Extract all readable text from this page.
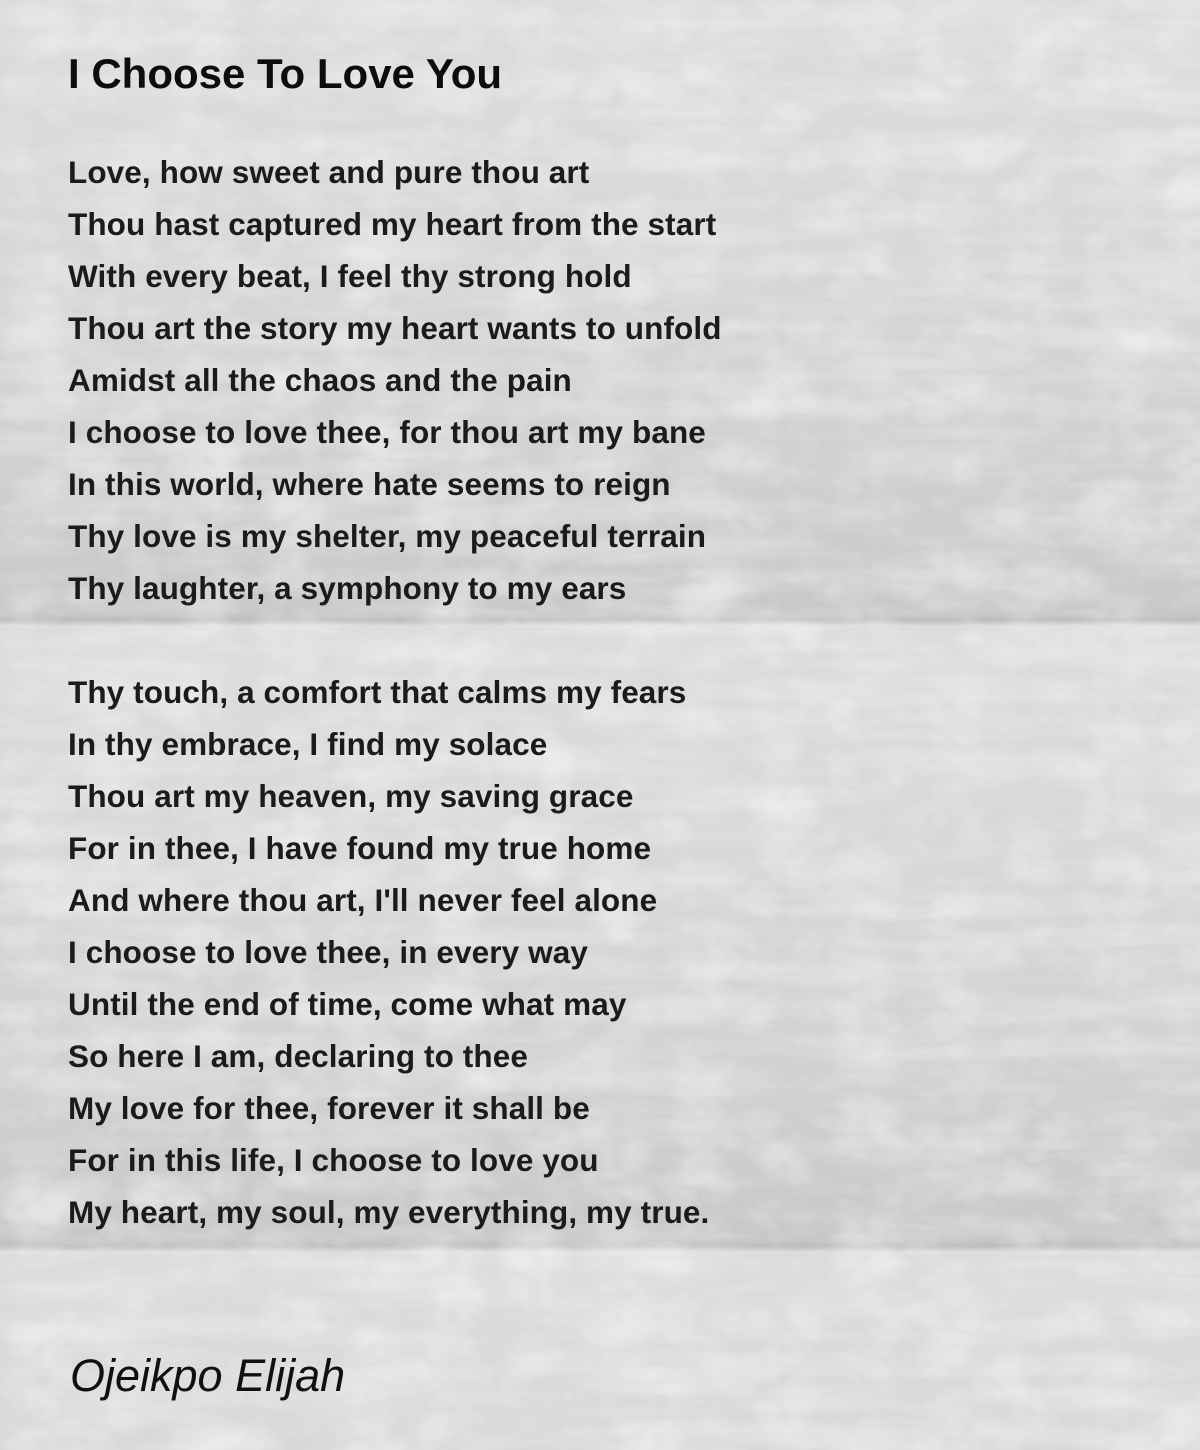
I Choose To Love You
Love, how sweet and pure thou art
Thou hast captured my heart from the start
With every beat, I feel thy strong hold
Thou art the story my heart wants to unfold
Amidst all the chaos and the pain
I choose to love thee, for thou art my bane
In this world, where hate seems to reign
Thy love is my shelter, my peaceful terrain
Thy laughter, a symphony to my ears
Thy touch, a comfort that calms my fears
In thy embrace, I find my solace
Thou art my heaven, my saving grace
For in thee, I have found my true home
And where thou art, I'll never feel alone
I choose to love thee, in every way
Until the end of time, come what may
So here I am, declaring to thee
My love for thee, forever it shall be
For in this life, I choose to love you
My heart, my soul, my everything, my true.
Ojeikpo Elijah
